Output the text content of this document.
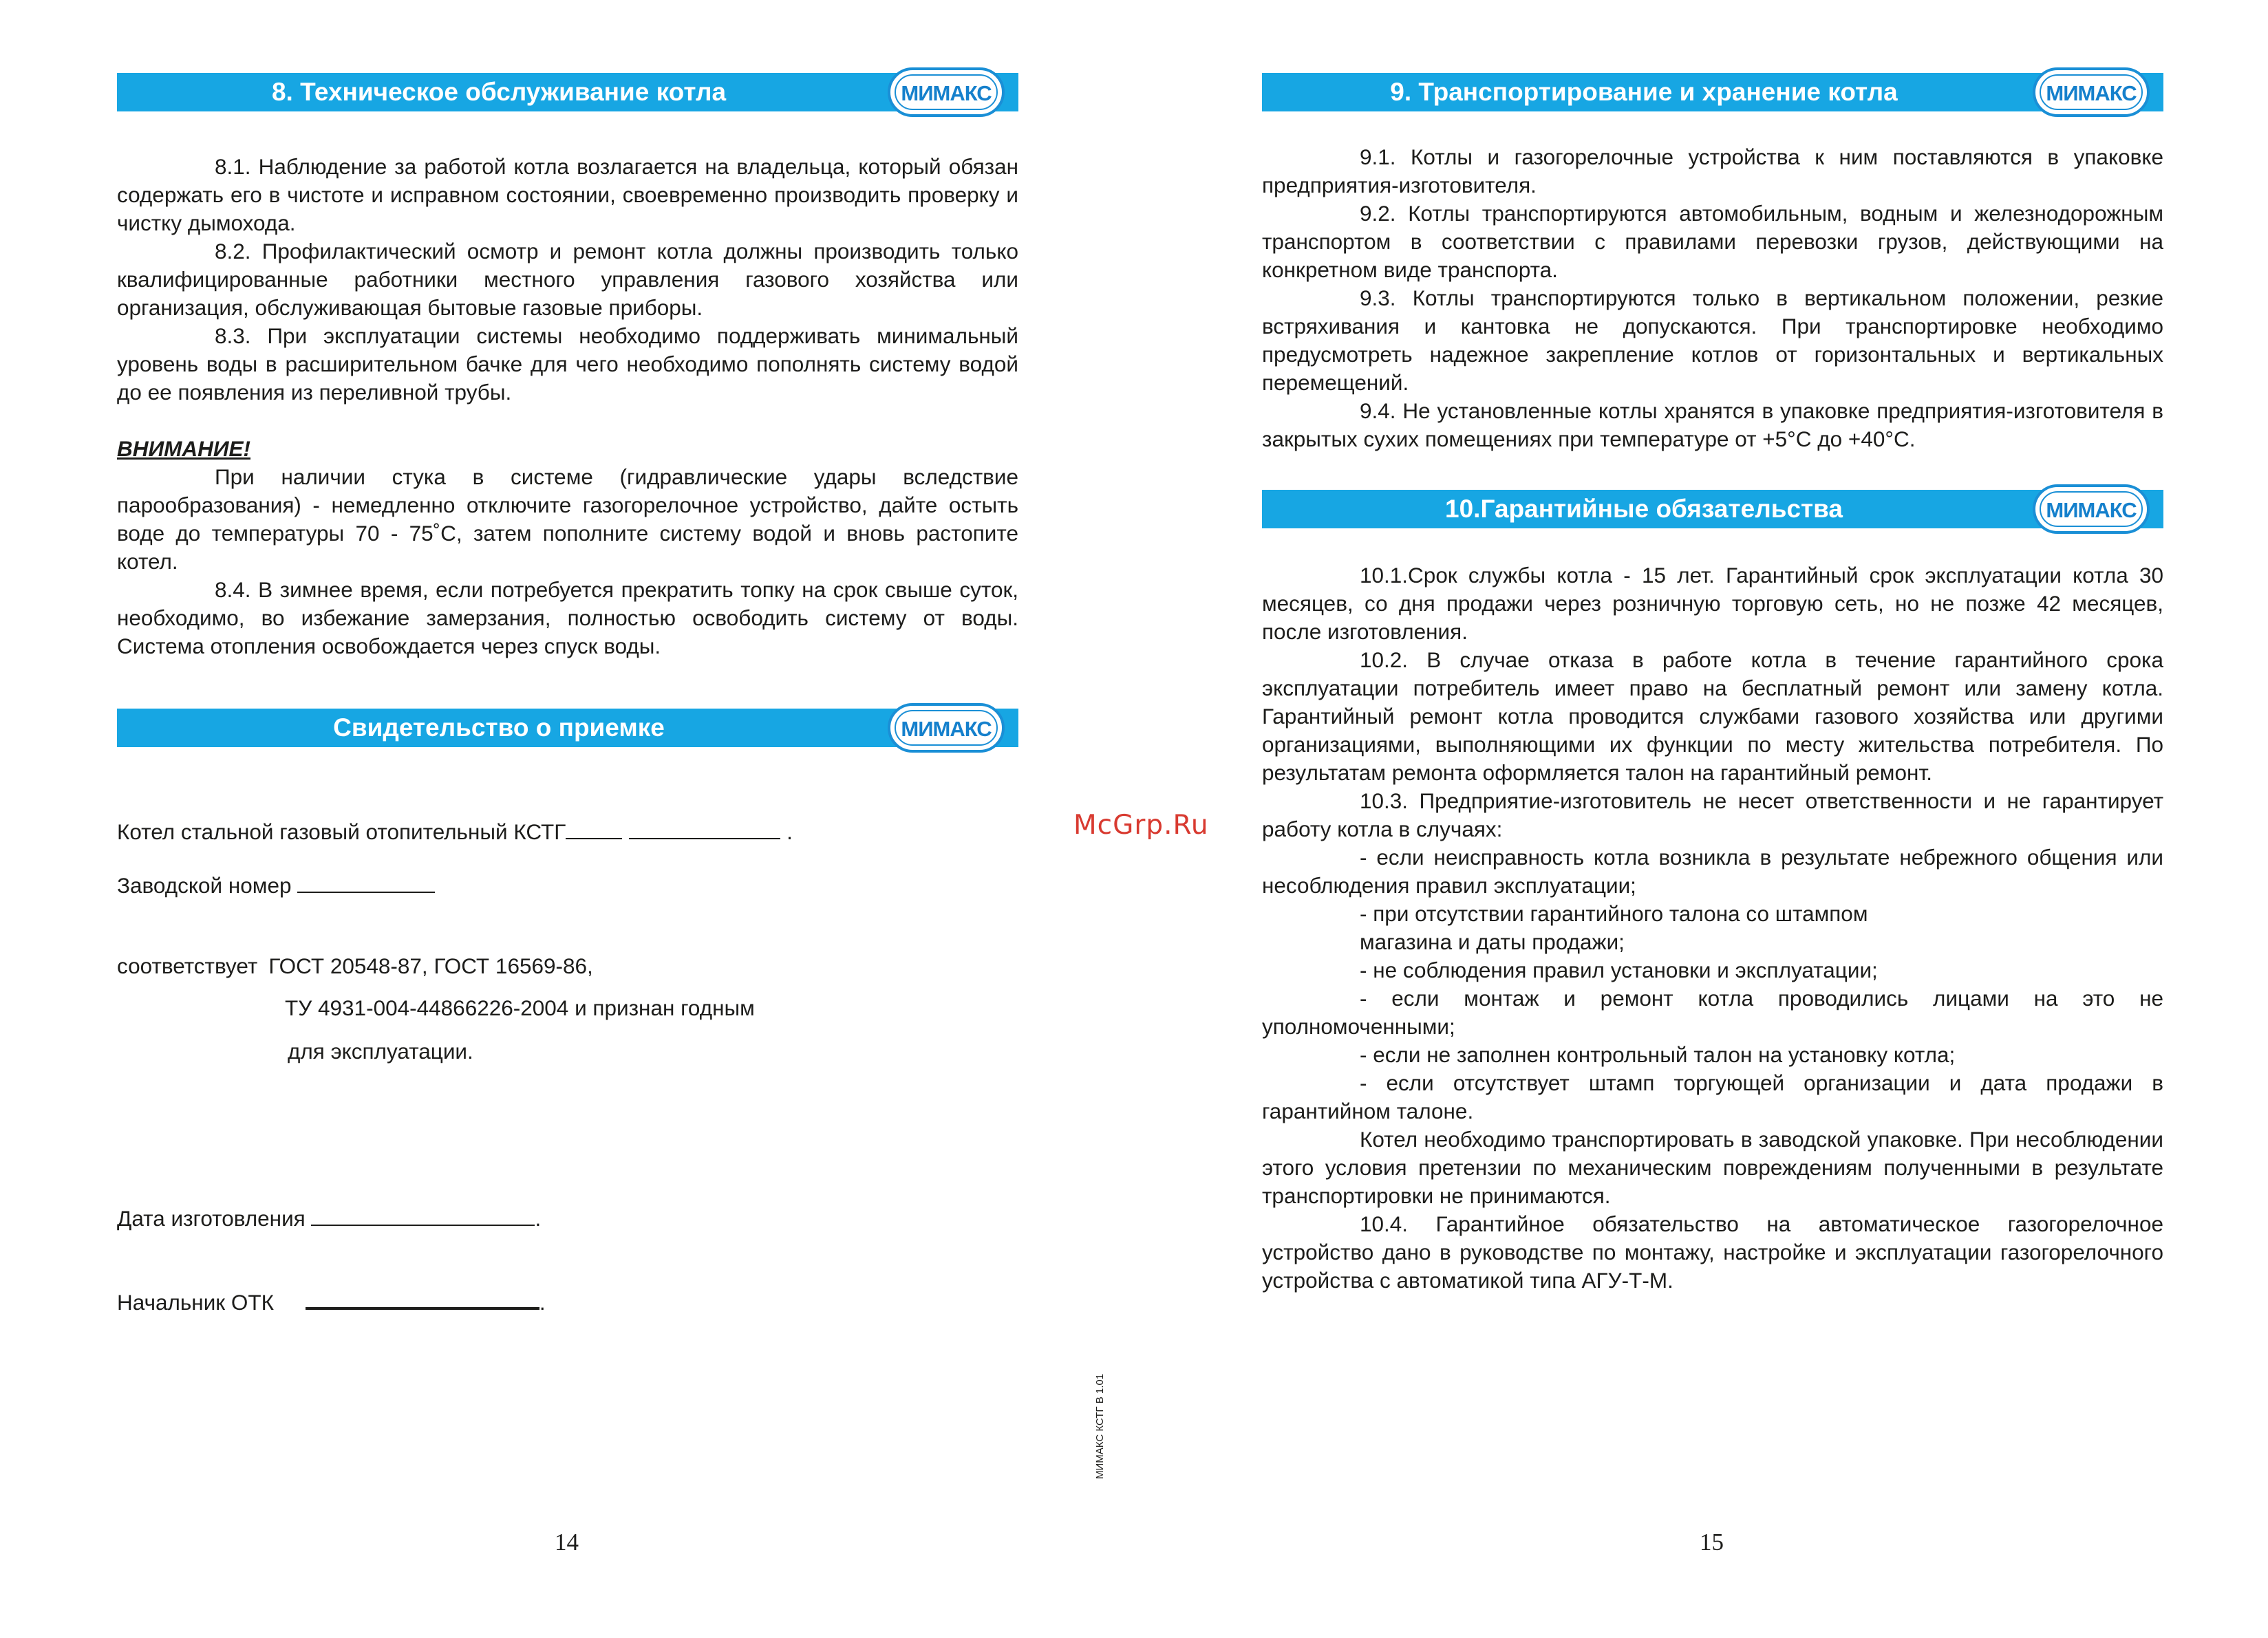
8. Техническое обслуживание котла	МИМАКС

8.1. Наблюдение за работой котла возлагается на владельца, который обязан содержать его в чистоте и исправном состоянии, своевременно производить проверку и чистку дымохода.

8.2. Профилактический осмотр и ремонт котла должны производить только квалифицированные работники местного управления газового хозяйства или организация, обслуживающая бытовые газовые приборы.

8.3. При эксплуатации системы необходимо поддерживать минимальный уровень воды в расширительном бачке для чего необходимо пополнять систему водой до ее появления из переливной трубы.

ВНИМАНИЕ!

При наличии стука в системе (гидравлические удары вследствие парообразования) - немедленно отключите газогорелочное устройство, дайте остыть воде до температуры 70 - 75˚С, затем пополните систему водой и вновь растопите котел.

8.4. В зимнее время, если потребуется прекратить топку на срок свыше суток, необходимо, во избежание замерзания, полностью освободить систему от воды. Система отопления освобождается через спуск воды.

Свидетельство о приемке	МИМАКС
Котел стальной газовый отопительный КСТГ	.
Заводской номер
соответствует ГОСТ 20548-87, ГОСТ 16569-86,
ТУ 4931-004-44866226-2004 и признан годным
для эксплуатации.
Дата изготовления	.
Начальник ОТК	.
14
McGrp.Ru
МИМАКС КСТГ В 1.01
9. Транспортирование и хранение котла	МИМАКС

9.1. Котлы и газогорелочные устройства к ним поставляются в упаковке предприятия-изготовителя.

9.2. Котлы транспортируются автомобильным, водным и железнодорожным транспортом в соответствии с правилами перевозки грузов, действующими на конкретном виде транспорта.

9.3. Котлы транспортируются только в вертикальном положении, резкие встряхивания и кантовка не допускаются. При транспортировке необходимо предусмотреть надежное закрепление котлов от горизонтальных и вертикальных перемещений.

9.4. Не установленные котлы хранятся в упаковке предприятия-изготовителя в закрытых сухих помещениях при температуре от +5°С до +40°С.

10.Гарантийные обязательства	МИМАКС

10.1.Срок службы котла - 15 лет. Гарантийный срок эксплуатации котла 30 месяцев, со дня продажи через розничную торговую сеть, но не позже 42 месяцев, после изготовления.

10.2. В случае отказа в работе котла в течение гарантийного срока эксплуатации потребитель имеет право на бесплатный ремонт или замену котла. Гарантийный ремонт котла проводится службами газового хозяйства или другими организациями, выполняющими их функции по месту жительства потребителя. По результатам ремонта оформляется талон на гарантийный ремонт.

10.3. Предприятие-изготовитель не несет ответственности и не гарантирует работу котла в случаях:

- если неисправность котла возникла в результате небрежного общения или несоблюдения правил эксплуатации;

- при отсутствии гарантийного талона со штампом

магазина и даты продажи;

- не соблюдения правил установки и эксплуатации;

- если монтаж и ремонт котла проводились лицами на это не уполномоченными;

- если не заполнен контрольный талон на установку котла;

- если отсутствует штамп торгующей организации и дата продажи в гарантийном талоне.

Котел необходимо транспортировать в заводской упаковке. При несоблюдении этого условия претензии по механическим повреждениям полученными в результате транспортировки не принимаются.

10.4. Гарантийное обязательство на автоматическое газогорелочное устройство дано в руководстве по монтажу, настройке и эксплуатации газогорелочного устройства с автоматикой типа АГУ-Т-М.

15
